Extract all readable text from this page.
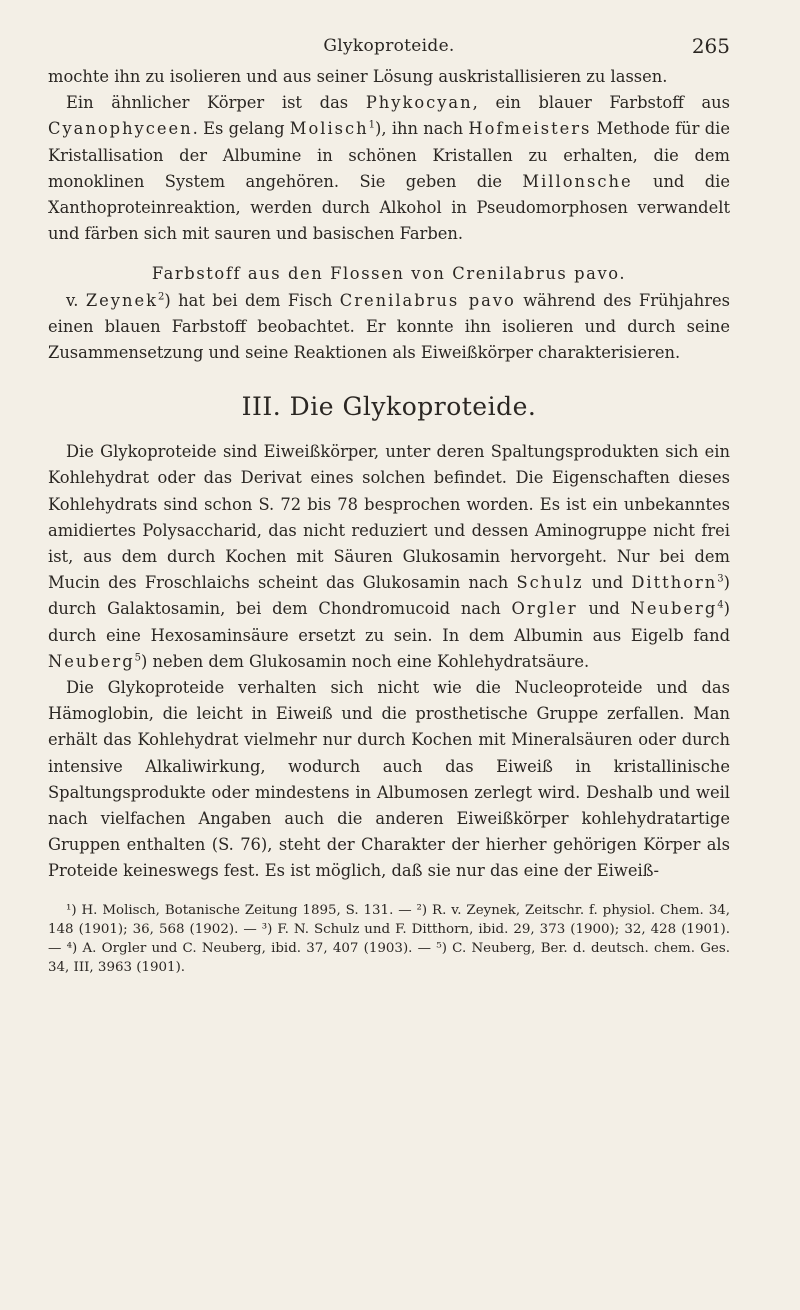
Glykoproteide.	265

mochte ihn zu isolieren und aus seiner Lösung auskristallisieren zu lassen.

Ein ähnlicher Körper ist das Phykocyan, ein blauer Farbstoff aus Cyanophyceen. Es gelang Molisch$^1$), ihn nach Hofmeisters Methode für die Kristallisation der Albumine in schönen Kristallen zu erhalten, die dem monoklinen System angehören. Sie geben die Millonsche und die Xanthoproteinreaktion, werden durch Alkohol in Pseudomorphosen verwandelt und färben sich mit sauren und basischen Farben.

Farbstoff aus den Flossen von Crenilabrus pavo.

v. Zeynek$^2$) hat bei dem Fisch Crenilabrus pavo während des Frühjahres einen blauen Farbstoff beobachtet. Er konnte ihn isolieren und durch seine Zusammensetzung und seine Reaktionen als Eiweißkörper charakterisieren.

III. Die Glykoproteide.

Die Glykoproteide sind Eiweißkörper, unter deren Spaltungsprodukten sich ein Kohlehydrat oder das Derivat eines solchen befindet. Die Eigenschaften dieses Kohlehydrats sind schon S. 72 bis 78 besprochen worden. Es ist ein unbekanntes amidiertes Polysaccharid, das nicht reduziert und dessen Aminogruppe nicht frei ist, aus dem durch Kochen mit Säuren Glukosamin hervorgeht. Nur bei dem Mucin des Froschlaichs scheint das Glukosamin nach Schulz und Ditthorn$^3$) durch Galaktosamin, bei dem Chondromucoid nach Orgler und Neuberg$^4$) durch eine Hexosaminsäure ersetzt zu sein. In dem Albumin aus Eigelb fand Neuberg$^5$) neben dem Glukosamin noch eine Kohlehydratsäure.

Die Glykoproteide verhalten sich nicht wie die Nucleoproteide und das Hämoglobin, die leicht in Eiweiß und die prosthetische Gruppe zerfallen. Man erhält das Kohlehydrat vielmehr nur durch Kochen mit Mineralsäuren oder durch intensive Alkaliwirkung, wodurch auch das Eiweiß in kristallinische Spaltungsprodukte oder mindestens in Albumosen zerlegt wird. Deshalb und weil nach vielfachen Angaben auch die anderen Eiweißkörper kohlehydratartige Gruppen enthalten (S. 76), steht der Charakter der hierher gehörigen Körper als Proteide keineswegs fest. Es ist möglich, daß sie nur das eine der Eiweiß-

¹) H. Molisch, Botanische Zeitung 1895, S. 131. — ²) R. v. Zeynek, Zeitschr. f. physiol. Chem. 34, 148 (1901); 36, 568 (1902). — ³) F. N. Schulz und F. Ditthorn, ibid. 29, 373 (1900); 32, 428 (1901). — ⁴) A. Orgler und C. Neuberg, ibid. 37, 407 (1903). — ⁵) C. Neuberg, Ber. d. deutsch. chem. Ges. 34, III, 3963 (1901).
